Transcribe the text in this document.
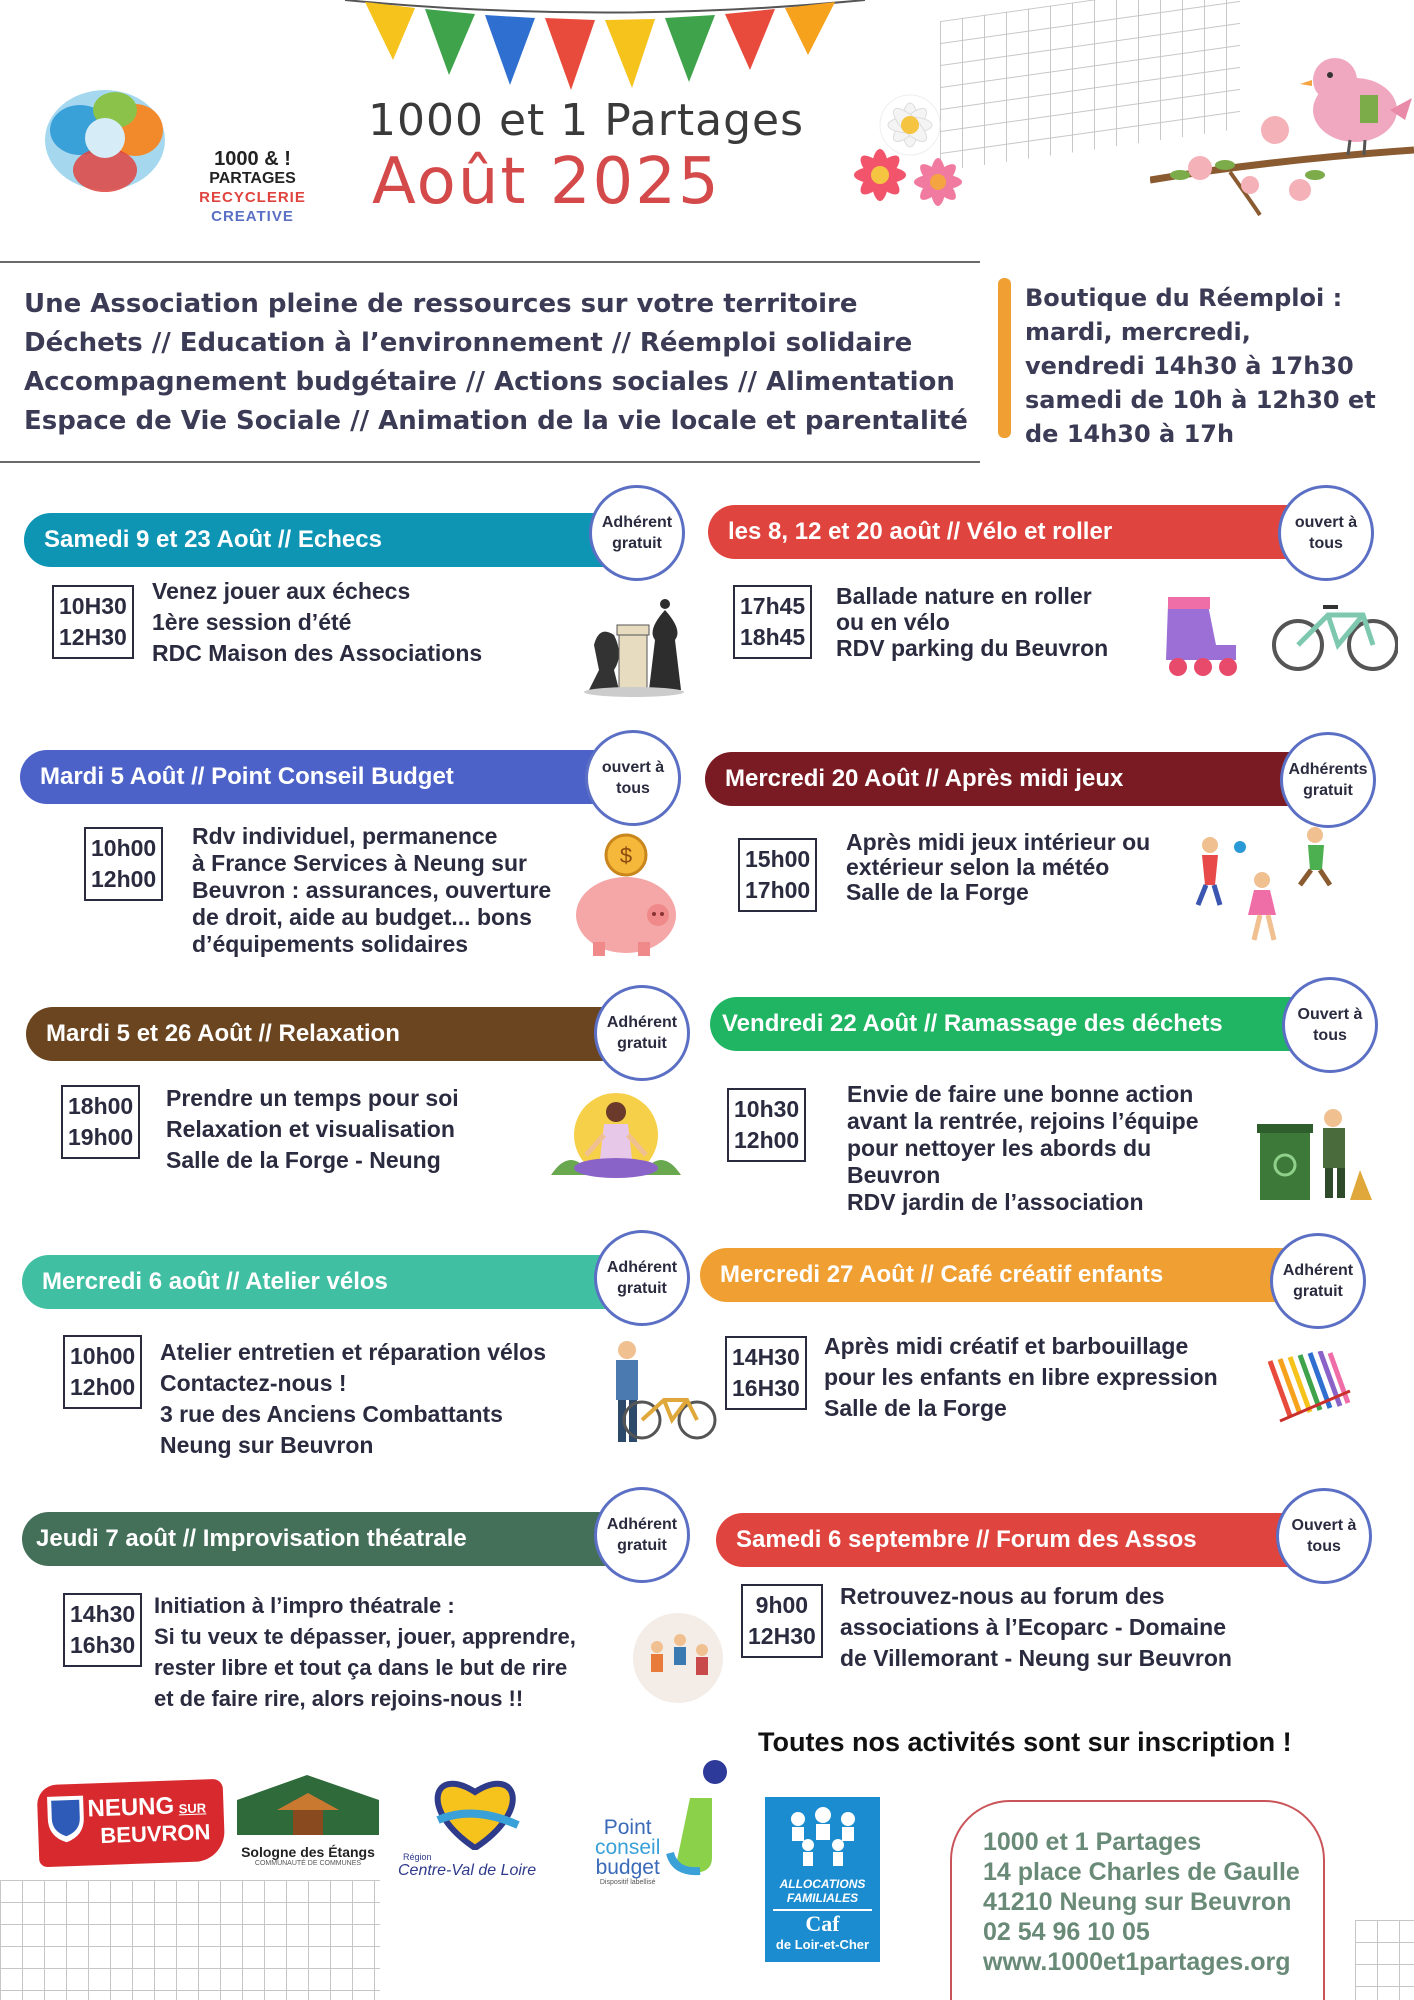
1000 & !
PARTAGES
RECYCLERIE
CREATIVE
1000 et 1 Partages
Août 2025
Une Association pleine de ressources sur votre territoire
Déchets // Education à l’environnement // Réemploi solidaire
Accompagnement budgétaire // Actions sociales // Alimentation
Espace de Vie Sociale // Animation de la vie locale et parentalité
Boutique du Réemploi :
mardi, mercredi,
vendredi 14h30 à 17h30
samedi de 10h à 12h30 et
de 14h30 à 17h
Samedi 9 et 23 Août // Echecs
Adhérent
gratuit
10H30
12H30
Venez jouer aux échecs
1ère session d’été
RDC Maison des Associations
les 8, 12 et 20 août // Vélo et roller	ouvert à
tous
17h45
18h45
Ballade nature en roller
ou en vélo
RDV parking du Beuvron
Mardi 5 Août // Point Conseil Budget	ouvert à
tous
10h00
12h00
Rdv individuel, permanence
à France Services à Neung sur
Beuvron : assurances, ouverture
de droit, aide au budget... bons
d’équipements solidaires
$
Mercredi 20 Août // Après midi jeux	Adhérents
gratuit
15h00
17h00
Après midi jeux intérieur ou
extérieur selon la météo
Salle de la Forge
Mardi 5 et 26 Août // Relaxation	Adhérent
gratuit
18h00
19h00
Prendre un temps pour soi
Relaxation et visualisation
Salle de la Forge - Neung
Vendredi 22 Août // Ramassage des déchets	Ouvert à
tous
10h30
12h00
Envie de faire une bonne action
avant la rentrée, rejoins l’équipe
pour nettoyer les abords du
Beuvron
RDV jardin de l’association
Mercredi 6 août // Atelier vélos
Adhérent
gratuit
10h00
12h00
Atelier entretien et réparation vélos
Contactez-nous !
3 rue des Anciens Combattants
Neung sur Beuvron
Mercredi 27 Août // Café créatif enfants	Adhérent
gratuit
14H30
16H30
Après midi créatif et barbouillage
pour les enfants en libre expression
Salle de la Forge
Jeudi 7 août // Improvisation théatrale
Adhérent
gratuit
14h30
16h30
Initiation à l’impro théatrale :
Si tu veux te dépasser, jouer, apprendre,
rester libre et tout ça dans le but de rire
et de faire rire, alors rejoins-nous !!
Samedi 6 septembre // Forum des Assos
Ouvert à
tous
9h00
12H30
Retrouvez-nous au forum des
associations à l’Ecoparc - Domaine
de Villemorant - Neung sur Beuvron
Toutes nos activités sont sur inscription !
NEUNG SUR
BEUVRON
Sologne des Étangs
COMMUNAUTÉ DE COMMUNES
Région
Centre-Val de Loire
Point
conseil
budget
Dispositif labellisé	ALLOCATIONS
FAMILIALES
Caf
de Loir-et-Cher
1000 et 1 Partages
14 place Charles de Gaulle
41210 Neung sur Beuvron
02 54 96 10 05
www.1000et1partages.org
